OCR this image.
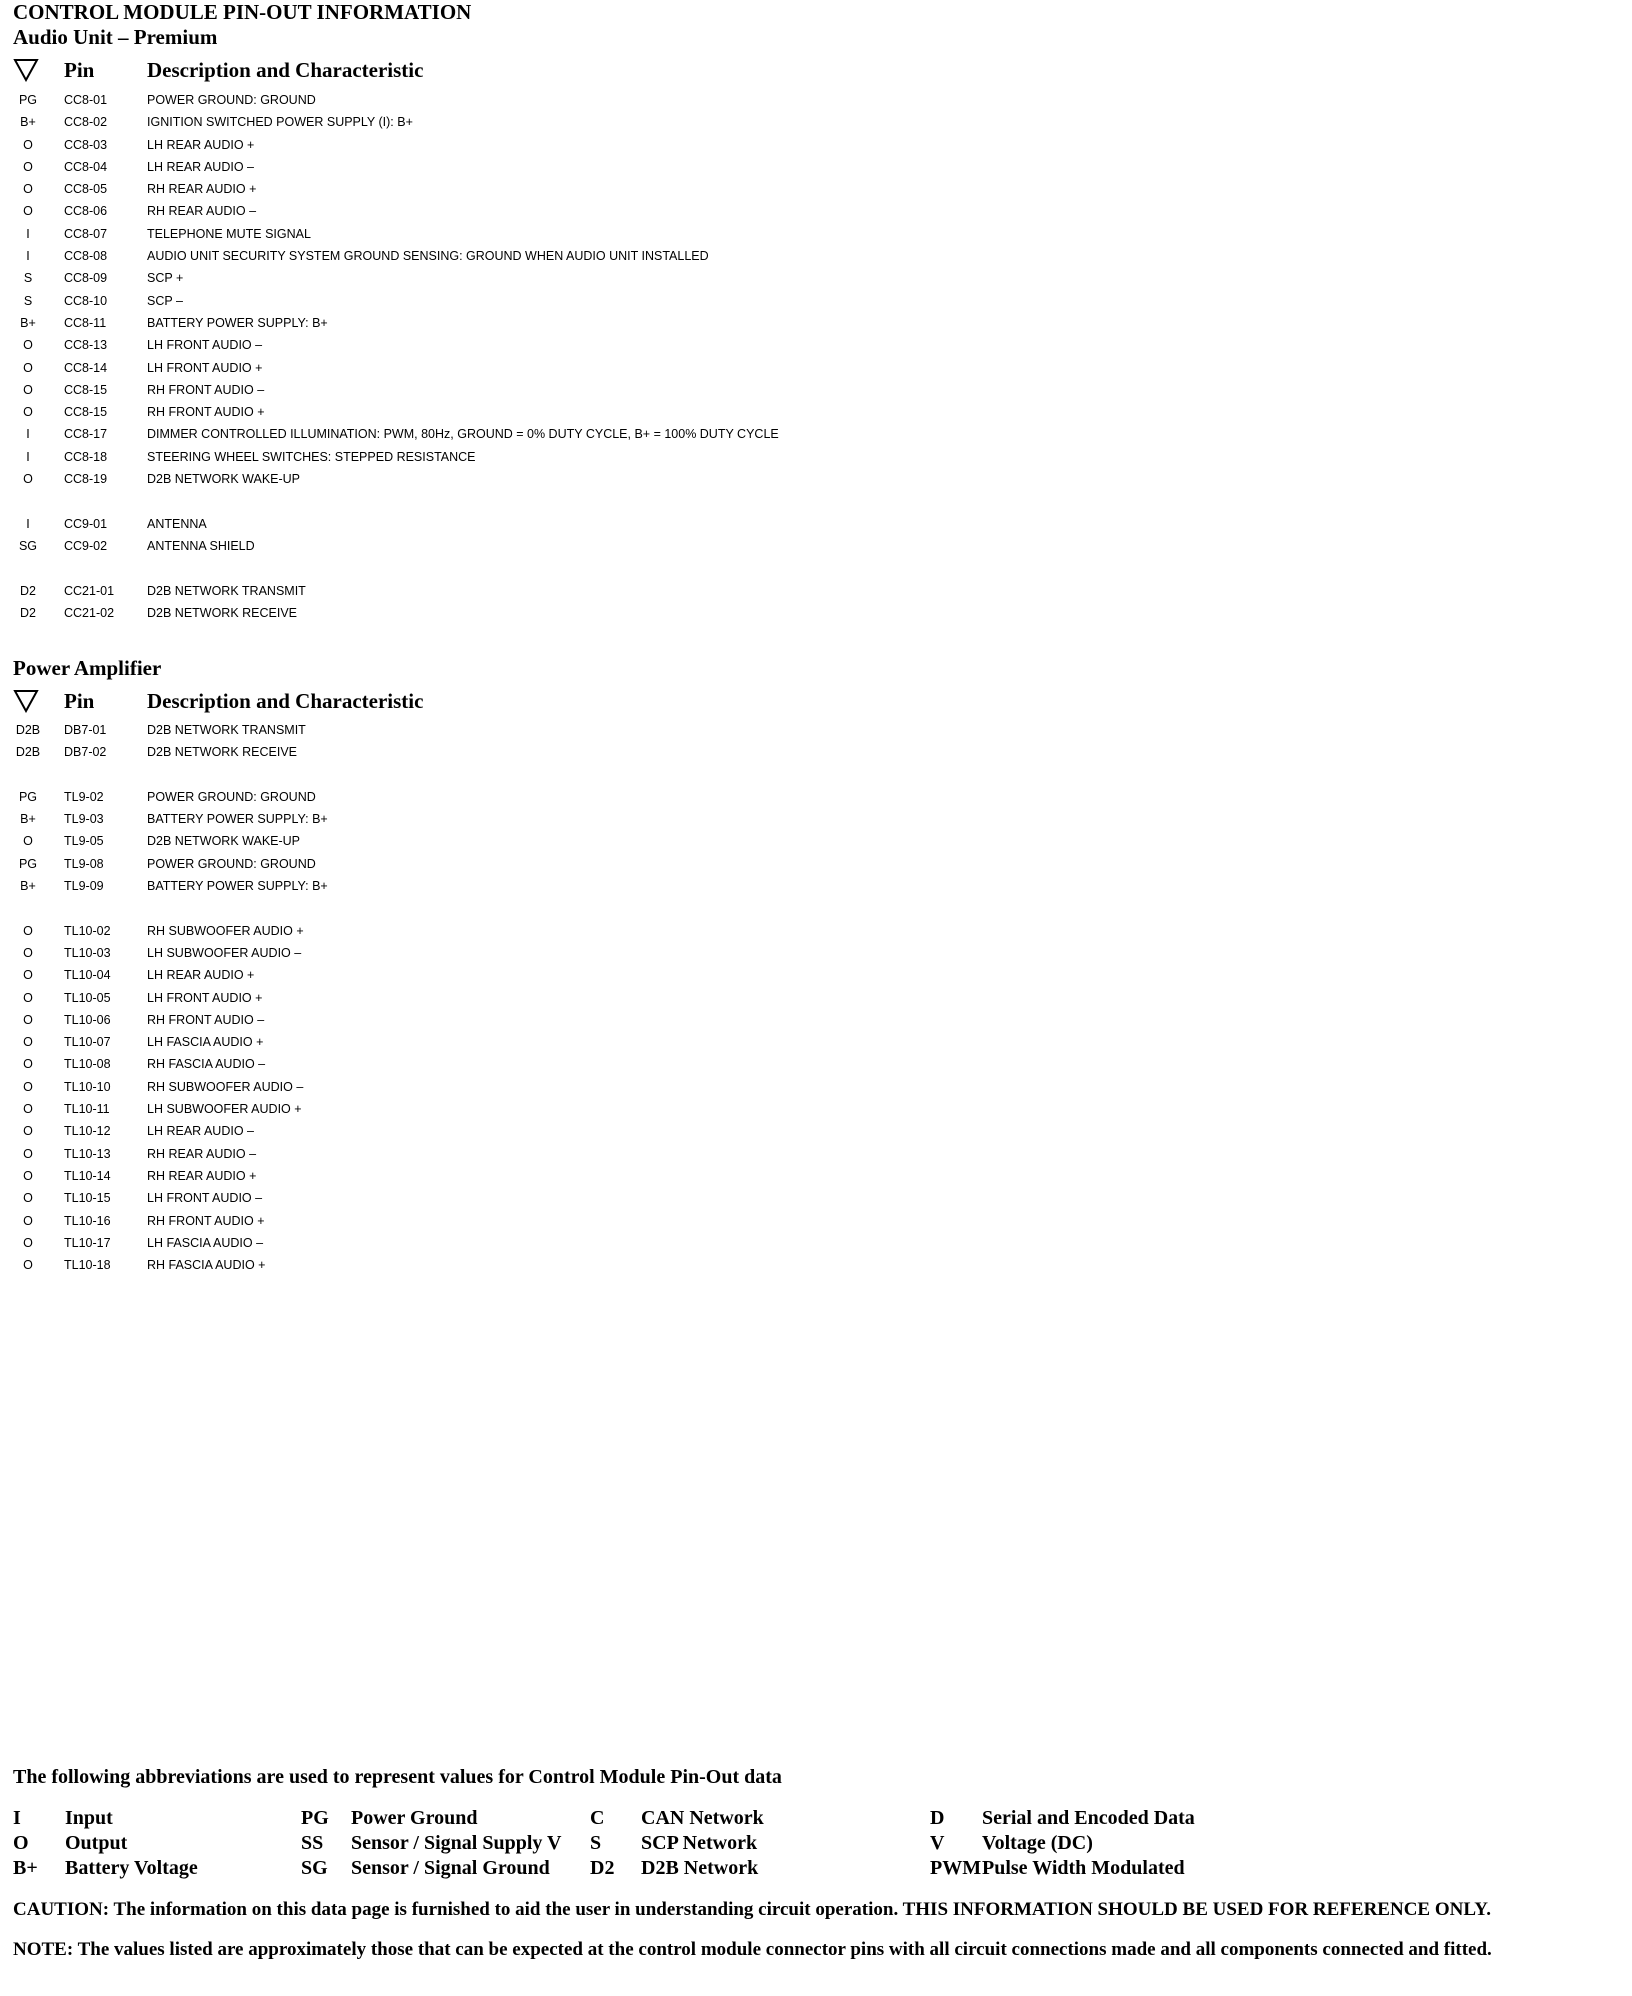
CONTROL MODULE PIN-OUT INFORMATION
Audio Unit – Premium
Pin	Description and Characteristic
PG	CC8-01	POWER GROUND: GROUND
B+	CC8-02	IGNITION SWITCHED POWER SUPPLY (I): B+
O	CC8-03	LH REAR AUDIO +
O	CC8-04	LH REAR AUDIO –
O	CC8-05	RH REAR AUDIO +
O	CC8-06	RH REAR AUDIO –
I	CC8-07	TELEPHONE MUTE SIGNAL
I	CC8-08	AUDIO UNIT SECURITY SYSTEM GROUND SENSING: GROUND WHEN AUDIO UNIT INSTALLED
S	CC8-09	SCP +
S	CC8-10	SCP –
B+	CC8-11	BATTERY POWER SUPPLY: B+
O	CC8-13	LH FRONT AUDIO –
O	CC8-14	LH FRONT AUDIO +
O	CC8-15	RH FRONT AUDIO –
O	CC8-15	RH FRONT AUDIO +
I	CC8-17	DIMMER CONTROLLED ILLUMINATION: PWM, 80Hz, GROUND = 0% DUTY CYCLE, B+ = 100% DUTY CYCLE
I	CC8-18	STEERING WHEEL SWITCHES: STEPPED RESISTANCE
O	CC8-19	D2B NETWORK WAKE-UP
I	CC9-01	ANTENNA
SG	CC9-02	ANTENNA SHIELD
D2	CC21-01	D2B NETWORK TRANSMIT
D2	CC21-02	D2B NETWORK RECEIVE
Power Amplifier
Pin	Description and Characteristic
D2B DB7-01	D2B NETWORK TRANSMIT
D2B DB7-02	D2B NETWORK RECEIVE
PG	TL9-02	POWER GROUND: GROUND
B+	TL9-03	BATTERY POWER SUPPLY: B+
O	TL9-05	D2B NETWORK WAKE-UP
PG	TL9-08	POWER GROUND: GROUND
B+	TL9-09	BATTERY POWER SUPPLY: B+
O	TL10-02	RH SUBWOOFER AUDIO +
O	TL10-03	LH SUBWOOFER AUDIO –
O	TL10-04	LH REAR AUDIO +
O	TL10-05	LH FRONT AUDIO +
O	TL10-06	RH FRONT AUDIO –
O	TL10-07	LH FASCIA AUDIO +
O	TL10-08	RH FASCIA AUDIO –
O	TL10-10	RH SUBWOOFER AUDIO –
O	TL10-11	LH SUBWOOFER AUDIO +
O	TL10-12	LH REAR AUDIO –
O	TL10-13	RH REAR AUDIO –
O	TL10-14	RH REAR AUDIO +
O	TL10-15	LH FRONT AUDIO –
O	TL10-16	RH FRONT AUDIO +
O	TL10-17	LH FASCIA AUDIO –
O	TL10-18	RH FASCIA AUDIO +
The following abbreviations are used to represent values for Control Module Pin-Out data
I Input
O Output
B+ Battery Voltage
PG Power Ground
SS Sensor / Signal Supply V
SG Sensor / Signal Ground
C CAN Network
S SCP Network
D2 D2B Network
D Serial and Encoded Data
V Voltage (DC)
PWM Pulse Width Modulated
CAUTION: The information on this data page is furnished to aid the user in understanding circuit operation. THIS INFORMATION SHOULD BE USED FOR REFERENCE ONLY.
NOTE: The values listed are approximately those that can be expected at the control module connector pins with all circuit connections made and all components connected and fitted.
